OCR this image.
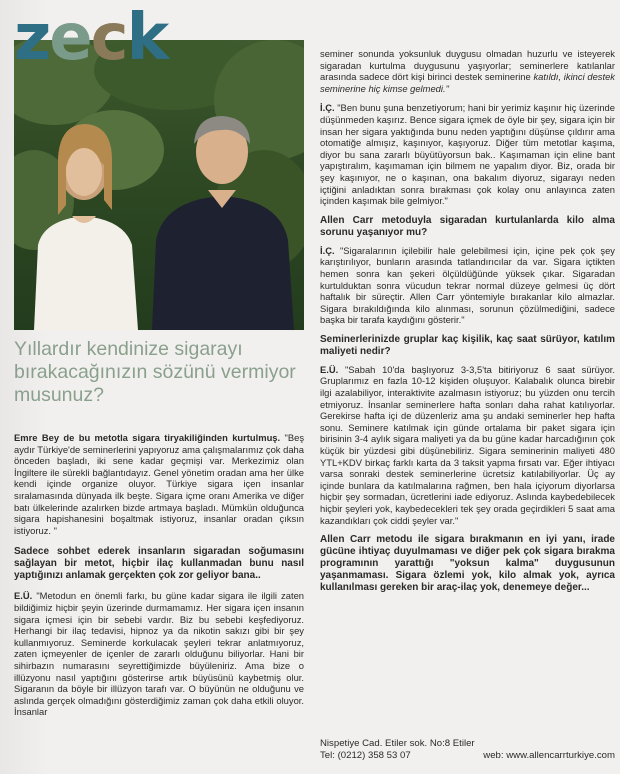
zeck
Yıllardır kendinize sigarayı bırakacağınızın sözünü vermiyor musunuz?

Emre Bey de bu metotla sigara tiryakiliğinden kurtulmuş. "Beş aydır Türkiye'de seminerlerini yapıyoruz ama çalışmalarımız çok daha önceden başladı, iki sene kadar geçmişi var. Merkezimiz olan İngiltere ile sürekli bağlantıdayız. Genel yönetim oradan ama her ülke kendi içinde organize oluyor. Türkiye sigara içen insanlar sıralamasında dünyada ilk beşte. Sigara içme oranı Amerika ve diğer batı ülkelerinde azalırken bizde artmaya başladı. Mümkün olduğunca sigara hapishanesini boşaltmak istiyoruz, insanlar oradan çıksın istiyoruz. "

Sadece sohbet ederek insanların sigaradan soğumasını sağlayan bir metot, hiçbir ilaç kullanmadan bunu nasıl yaptığınızı anlamak gerçekten çok zor geliyor bana..

E.Ü. "Metodun en önemli farkı, bu güne kadar sigara ile ilgili zaten bildiğimiz hiçbir şeyin üzerinde durmamamız. Her sigara içen insanın sigara içmesi için bir sebebi vardır. Biz bu sebebi keşfediyoruz. Herhangi bir ilaç tedavisi, hipnoz ya da nikotin sakızı gibi bir şey kullanmıyoruz. Seminerde korkulacak şeyleri tekrar anlatmıyoruz, zaten içmeyenler de içenler de zararlı olduğunu biliyorlar. Hani bir sihirbazın numarasını seyrettiğimizde büyüleniriz. Ama bize o illüzyonu nasıl yaptığını gösterirse artık büyüsünü kaybetmiş olur. Sigaranın da böyle bir illüzyon tarafı var. O büyünün ne olduğunu ve aslında gerçek olmadığını gösterdiğimiz zaman çok daha etkili oluyor. İnsanlar

seminer sonunda yoksunluk duygusu olmadan huzurlu ve isteyerek sigaradan kurtulma duygusunu yaşıyorlar; seminerlere katılanlar arasında sadece dört kişi birinci destek seminerine katıldı, ikinci destek seminerine hiç kimse gelmedi."

İ.Ç. "Ben bunu şuna benzetiyorum; hani bir yerimiz kaşınır hiç üzerinde düşünmeden kaşırız. Bence sigara içmek de öyle bir şey, sigara için bir insan her sigara yaktığında bunu neden yaptığını düşünse çıldırır ama otomatiğe almışız, kaşınıyor, kaşıyoruz. Diğer tüm metotlar kaşıma, diyor bu sana zararlı büyütüyorsun bak.. Kaşımaman için eline bant yapıştıralım, kaşımaman için bilmem ne yapalım diyor. Biz, orada bir şey kaşınıyor, ne o kaşınan, ona bakalım diyoruz, sigarayı neden içtiğini anladıktan sonra bırakması çok kolay onu anlayınca zaten içinden kaşımak bile gelmiyor."

Allen Carr metoduyla sigaradan kurtulanlarda kilo alma sorunu yaşanıyor mu?

İ.Ç. "Sigaralarının içilebilir hale gelebilmesi için, içine pek çok şey karıştırılıyor, bunların arasında tatlandırıcılar da var. Sigara içtikten hemen sonra kan şekeri ölçüldüğünde yüksek çıkar. Sigaradan kurtulduktan sonra vücudun tekrar normal düzeye gelmesi üç dört haftalık bir süreçtir. Allen Carr yöntemiyle bırakanlar kilo almazlar. Sigara bırakıldığında kilo alınması, sorunun çözülmediğini, sadece başka bir tarafa kaydığını gösterir."

Seminerlerinizde gruplar kaç kişilik, kaç saat sürüyor, katılım maliyeti nedir?

E.Ü. "Sabah 10'da başlıyoruz 3-3,5'ta bitiriyoruz 6 saat sürüyor. Gruplarımız en fazla 10-12 kişiden oluşuyor. Kalabalık olunca birebir ilgi azalabiliyor, interaktivite azalmasın istiyoruz; bu yüzden onu tercih etmiyoruz. İnsanlar seminerlere hafta sonları daha rahat katılıyorlar. Gerekirse hafta içi de düzenleriz ama şu andaki seminerler hep hafta sonu. Seminere katılmak için günde ortalama bir paket sigara için birisinin 3-4 aylık sigara maliyeti ya da bu güne kadar harcadığının çok küçük bir yüzdesi gibi düşünebiliriz. Sigara seminerinin maliyeti 480 YTL+KDV birkaç farklı karta da 3 taksit yapma fırsatı var. Eğer ihtiyacı varsa sonraki destek seminerlerine ücretsiz katılabiliyorlar. Üç ay içinde bunlara da katılmalarına rağmen, ben hala içiyorum diyorlarsa hiçbir şey sormadan, ücretlerini iade ediyoruz. Aslında kaybedebilecek hiçbir şeyleri yok, kaybedecekleri tek şey orada geçirdikleri 5 saat ama kazandıkları çok ciddi şeyler var."

Allen Carr metodu ile sigara bırakmanın en iyi yanı, irade gücüne ihtiyaç duyulmaması ve diğer pek çok sigara bırakma programının yarattığı "yoksun kalma" duygusunun yaşanmaması. Sigara özlemi yok, kilo almak yok, ayrıca kullanılması gereken bir araç-ilaç yok, denemeye değer...

Nispetiye Cad. Etiler sok. No:8 Etiler
Tel: (0212) 358 53 07	web: www.allencarrturkiye.com
